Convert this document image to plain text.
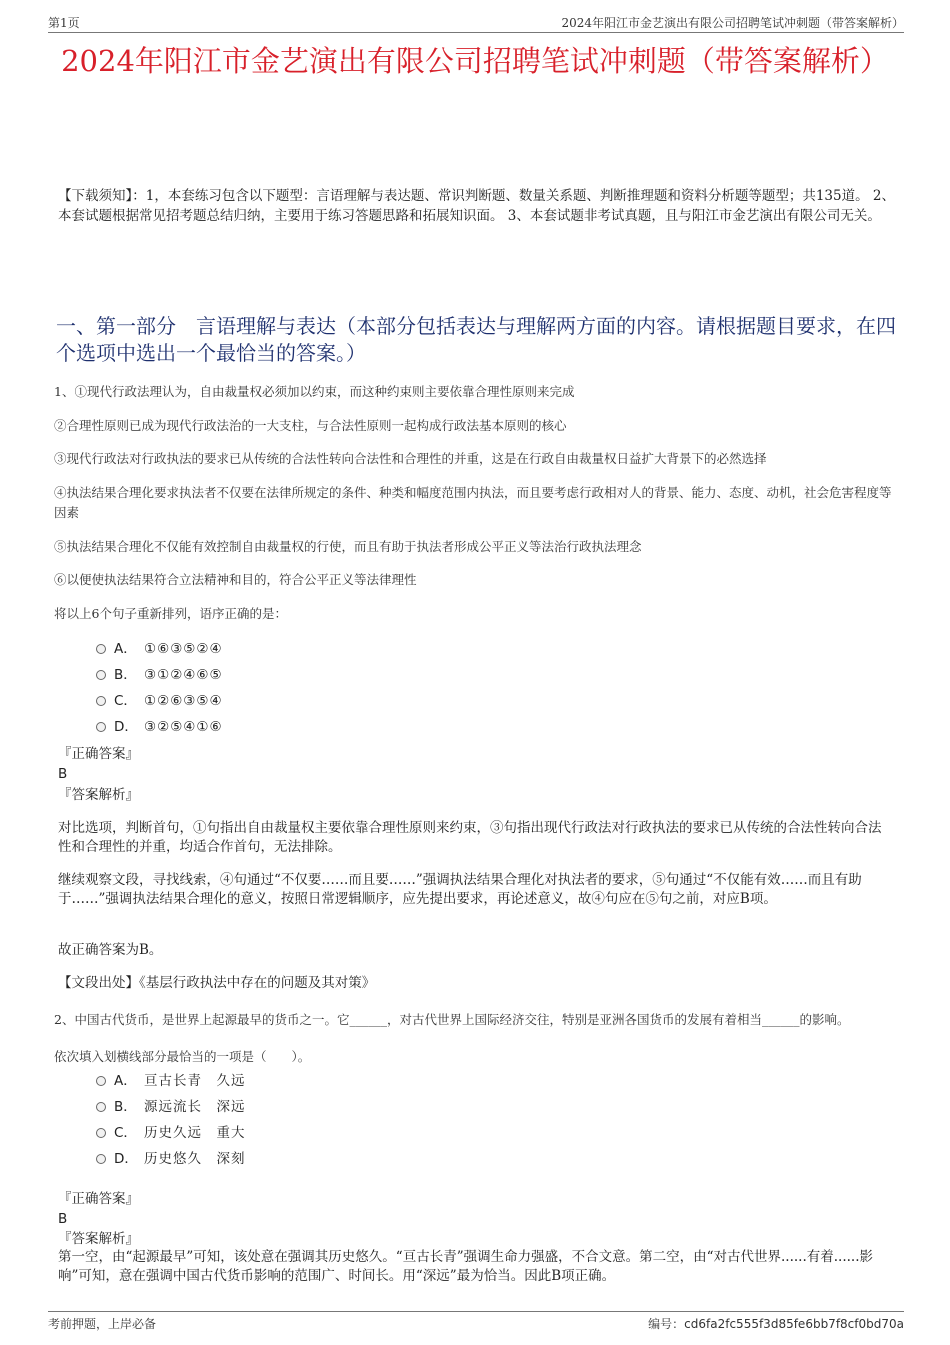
第1页	2024年阳江市金艺演出有限公司招聘笔试冲刺题（带答案解析）
2024年阳江市金艺演出有限公司招聘笔试冲刺题（带答案解析）
【下载须知】：1，本套练习包含以下题型：言语理解与表达题、常识判断题、数量关系题、判断推理题和资料分析题等题型；共135道。 2、本套试题根据常见招考题总结归纳，主要用于练习答题思路和拓展知识面。 3、本套试题非考试真题，且与阳江市金艺演出有限公司无关。
一、第一部分　言语理解与表达（本部分包括表达与理解两方面的内容。请根据题目要求，在四个选项中选出一个最恰当的答案。）
1、①现代行政法理认为，自由裁量权必须加以约束，而这种约束则主要依靠合理性原则来完成
②合理性原则已成为现代行政法治的一大支柱，与合法性原则一起构成行政法基本原则的核心
③现代行政法对行政执法的要求已从传统的合法性转向合法性和合理性的并重，这是在行政自由裁量权日益扩大背景下的必然选择
④执法结果合理化要求执法者不仅要在法律所规定的条件、种类和幅度范围内执法，而且要考虑行政相对人的背景、能力、态度、动机，社会危害程度等因素
⑤执法结果合理化不仅能有效控制自由裁量权的行使，而且有助于执法者形成公平正义等法治行政执法理念
⑥以便使执法结果符合立法精神和目的，符合公平正义等法律理性
将以上6个句子重新排列，语序正确的是：
A． ①⑥③⑤②④
B． ③①②④⑥⑤
C． ①②⑥③⑤④
D． ③②⑤④①⑥
『正确答案』
B
『答案解析』
对比选项，判断首句，①句指出自由裁量权主要依靠合理性原则来约束，③句指出现代行政法对行政执法的要求已从传统的合法性转向合法性和合理性的并重，均适合作首句，无法排除。
继续观察文段，寻找线索，④句通过“不仅要……而且要……”强调执法结果合理化对执法者的要求，⑤句通过“不仅能有效……而且有助于……”强调执法结果合理化的意义，按照日常逻辑顺序，应先提出要求，再论述意义，故④句应在⑤句之前，对应B项。
故正确答案为B。
【文段出处】《基层行政执法中存在的问题及其对策》
2、中国古代货币，是世界上起源最早的货币之一。它______，对古代世界上国际经济交往，特别是亚洲各国货币的发展有着相当______的影响。
依次填入划横线部分最恰当的一项是（　　）。
A． 亘古长青　久远
B． 源远流长　深远
C． 历史久远　重大
D． 历史悠久　深刻
『正确答案』
B
『答案解析』
第一空，由“起源最早”可知，该处意在强调其历史悠久。“亘古长青”强调生命力强盛，不合文意。第二空，由“对古代世界......有着......影响”可知，意在强调中国古代货币影响的范围广、时间长。用“深远”最为恰当。因此B项正确。
考前押题，上岸必备	编号：cd6fa2fc555f3d85fe6bb7f8cf0bd70a
